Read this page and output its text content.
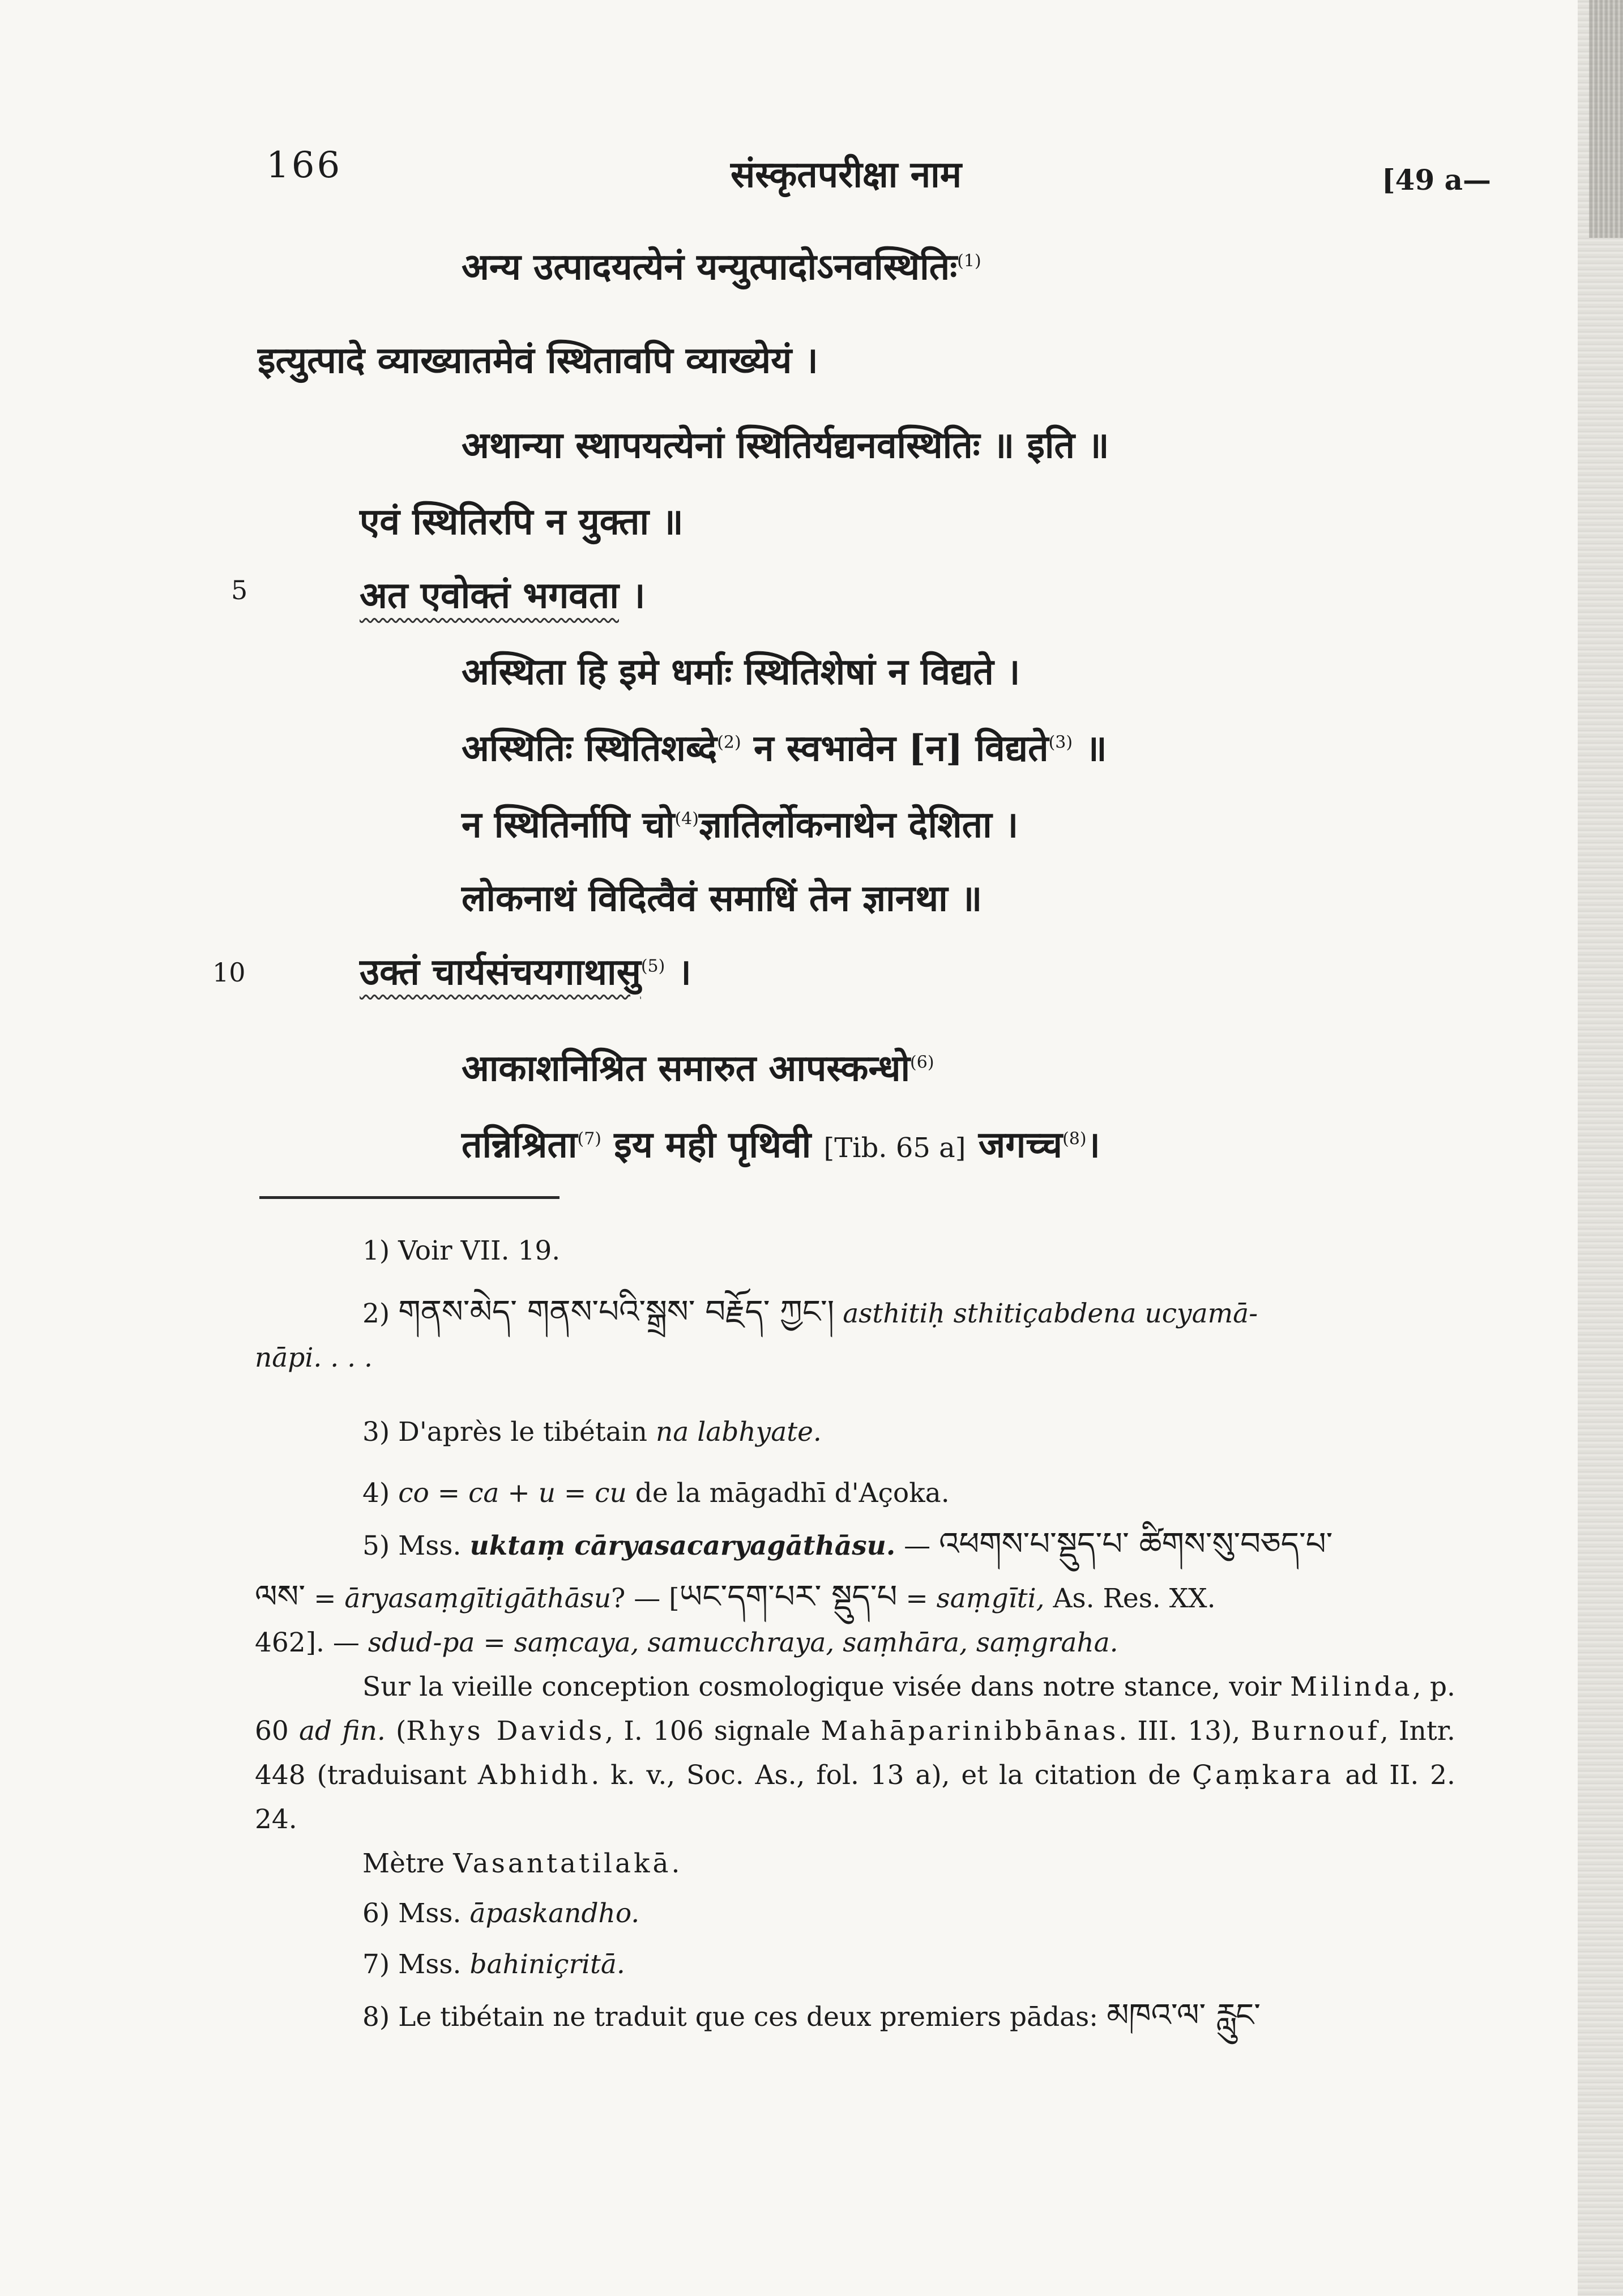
166	संस्कृतपरीक्षा नाम	[49 a—
अन्य उत्पादयत्येनं यन्युत्पादोऽनवस्थितिः$^{(1)}$
इत्युत्पादे व्याख्यातमेवं स्थितावपि व्याख्येयं ।
अथान्या स्थापयत्येनां स्थितिर्यद्यनवस्थितिः ॥ इति ॥
एवं स्थितिरपि न युक्ता ॥
5	अत एवोक्तं भगवता ।
अस्थिता हि इमे धर्माः स्थितिशेषां न विद्यते ।
अस्थितिः स्थितिशब्दे$^{(2)}$ न स्वभावेन [न] विद्यते$^{(3)}$ ॥
न स्थितिर्नापि चो$^{(4)}$ज्ञातिर्लोकनाथेन देशिता ।
लोकनाथं विदित्वैवं समाधिं तेन ज्ञानथा ॥
10	उक्तं चार्यसंचयगाथासु$^{(5)}$ ।
आकाशनिश्रित समारुत आपस्कन्धो$^{(6)}$
तन्निश्रिता$^{(7)}$ इय मही पृथिवी [Tib. 65 a] जगच्च$^{(8)}$।
1) Voir VII. 19.
2) གནས་མེད་ གནས་པའི་སྒྲས་ བརྗོད་ ཀྱང་། asthitiḥ sthitiçabdena ucyamā-
nāpi. . . .
3) D'après le tibétain na labhyate.
4) co = ca + u = cu de la māgadhī d'Açoka.
5) Mss. uktaṃ cāryasacaryagāthāsu. — འཕགས་པ་སྡུད་པ་ ཚིགས་སུ་བཅད་པ་
ལས་ = āryasaṃgītigāthāsu? — [ཡང་དག་པར་ སྡུད་པ = saṃgīti, As. Res. XX.
462]. — sdud-pa = saṃcaya, samucchraya, saṃhāra, saṃgraha.
Sur la vieille conception cosmologique visée dans notre stance, voir Milinda, p. 60 ad fin. (Rhys Davids, I. 106 signale Mahāparinibbānas. III. 13), Burnouf, Intr. 448 (traduisant Abhidh. k. v., Soc. As., fol. 13 a), et la citation de Çaṃkara ad II. 2. 24.
Mètre Vasantatilakā.
6) Mss. āpaskandho.
7) Mss. bahiniçritā.
8) Le tibétain ne traduit que ces deux premiers pādas: མཁའ་ལ་ རླུང་
